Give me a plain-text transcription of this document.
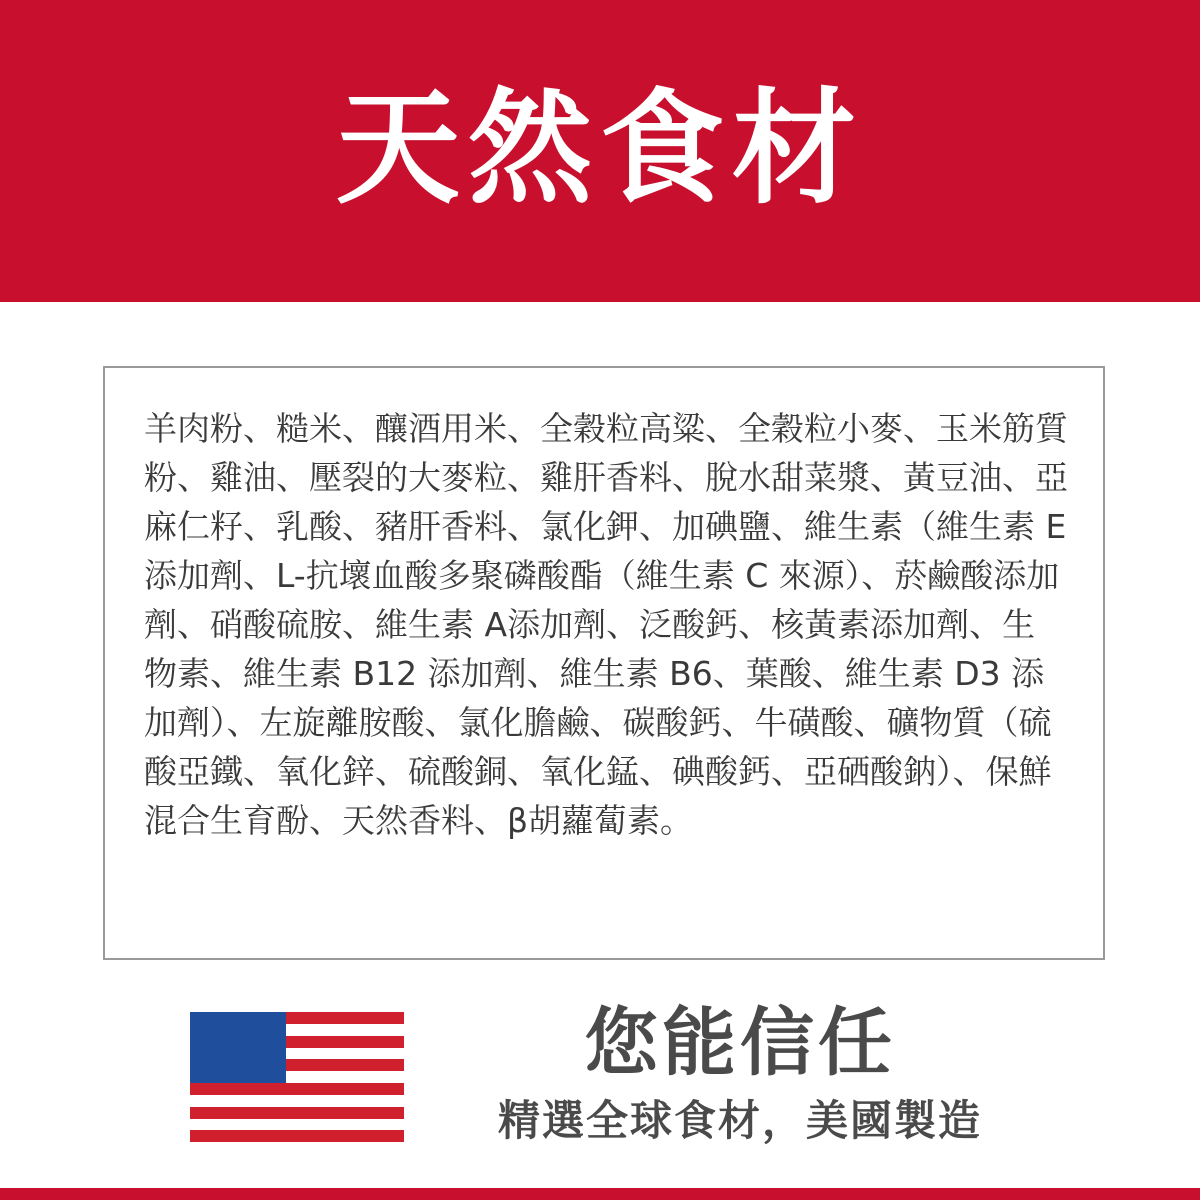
天然食材

羊肉粉、糙米、釀酒用米、全穀粒高粱、全穀粒小麥、玉米筋質粉、雞油、壓裂的大麥粒、雞肝香料、脫水甜菜漿、黃豆油、亞麻仁籽、乳酸、豬肝香料、氯化鉀、加碘鹽、維生素（維生素 E 添加劑、L-抗壞血酸多聚磷酸酯（維生素 C 來源）、菸鹼酸添加劑、硝酸硫胺、維生素 A添加劑、泛酸鈣、核黃素添加劑、生物素、維生素 B12 添加劑、維生素 B6、葉酸、維生素 D3 添加劑）、左旋離胺酸、氯化膽鹼、碳酸鈣、牛磺酸、礦物質（硫酸亞鐵、氧化鋅、硫酸銅、氧化錳、碘酸鈣、亞硒酸鈉）、保鮮混合生育酚、天然香料、β胡蘿蔔素。

您能信任
精選全球食材，美國製造
